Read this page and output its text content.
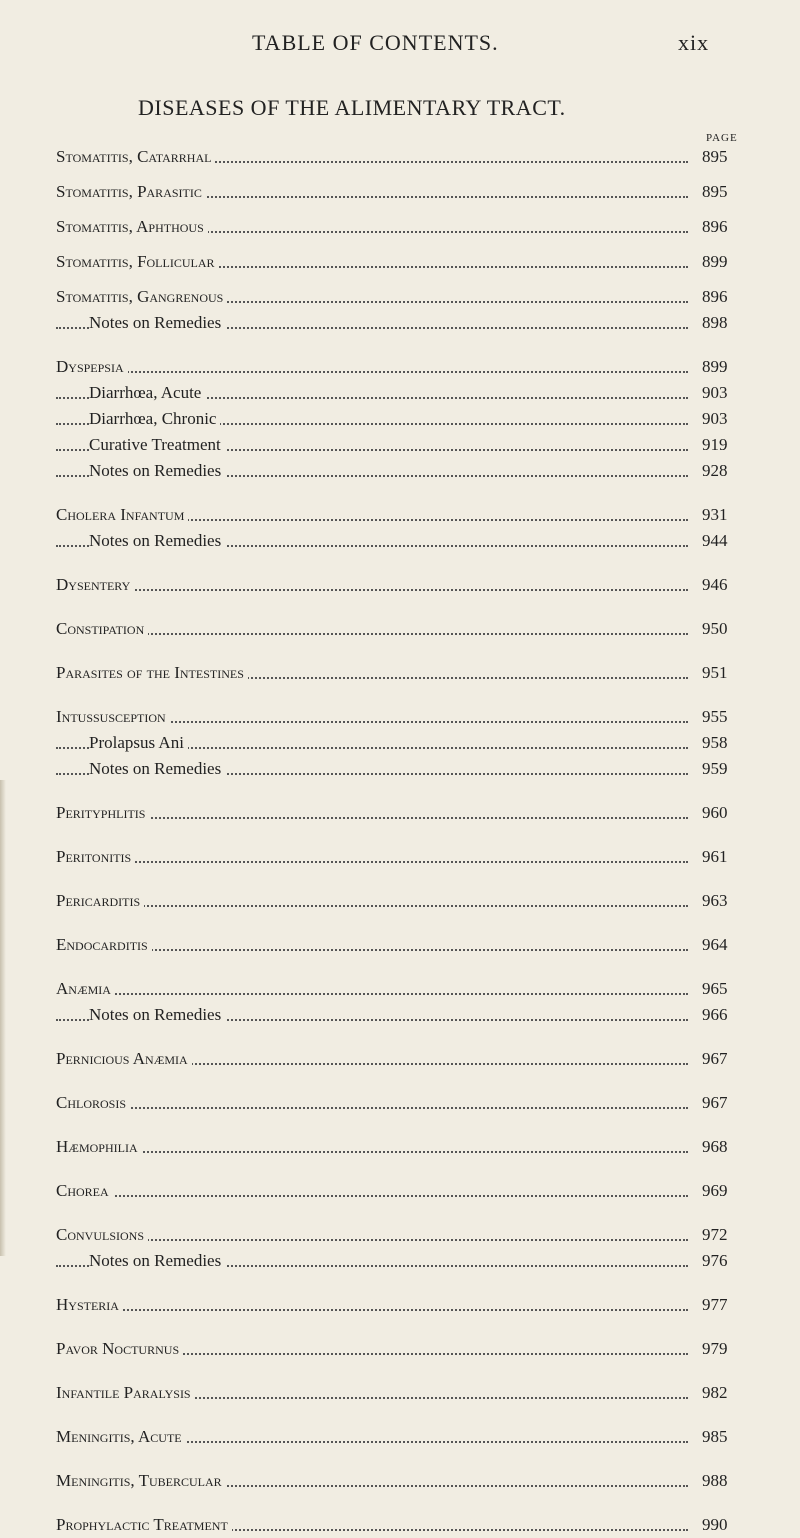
TABLE OF CONTENTS.	xix
DISEASES OF THE ALIMENTARY TRACT.
PAGE
Stomatitis, Catarrhal	895
Stomatitis, Parasitic	895
Stomatitis, Aphthous	896
Stomatitis, Follicular	899
Stomatitis, Gangrenous	896
Notes on Remedies	898
Dyspepsia	899
Diarrhœa, Acute	903
Diarrhœa, Chronic	903
Curative Treatment	919
Notes on Remedies	928
Cholera Infantum	931
Notes on Remedies	944
Dysentery	946
Constipation	950
Parasites of the Intestines	951
Intussusception	955
Prolapsus Ani	958
Notes on Remedies	959
Perityphlitis	960
Peritonitis	961
Pericarditis	963
Endocarditis	964
Anæmia	965
Notes on Remedies	966
Pernicious Anæmia	967
Chlorosis	967
Hæmophilia	968
Chorea	969
Convulsions	972
Notes on Remedies	976
Hysteria	977
Pavor Nocturnus	979
Infantile Paralysis	982
Meningitis, Acute	985
Meningitis, Tubercular	988
Prophylactic Treatment	990
